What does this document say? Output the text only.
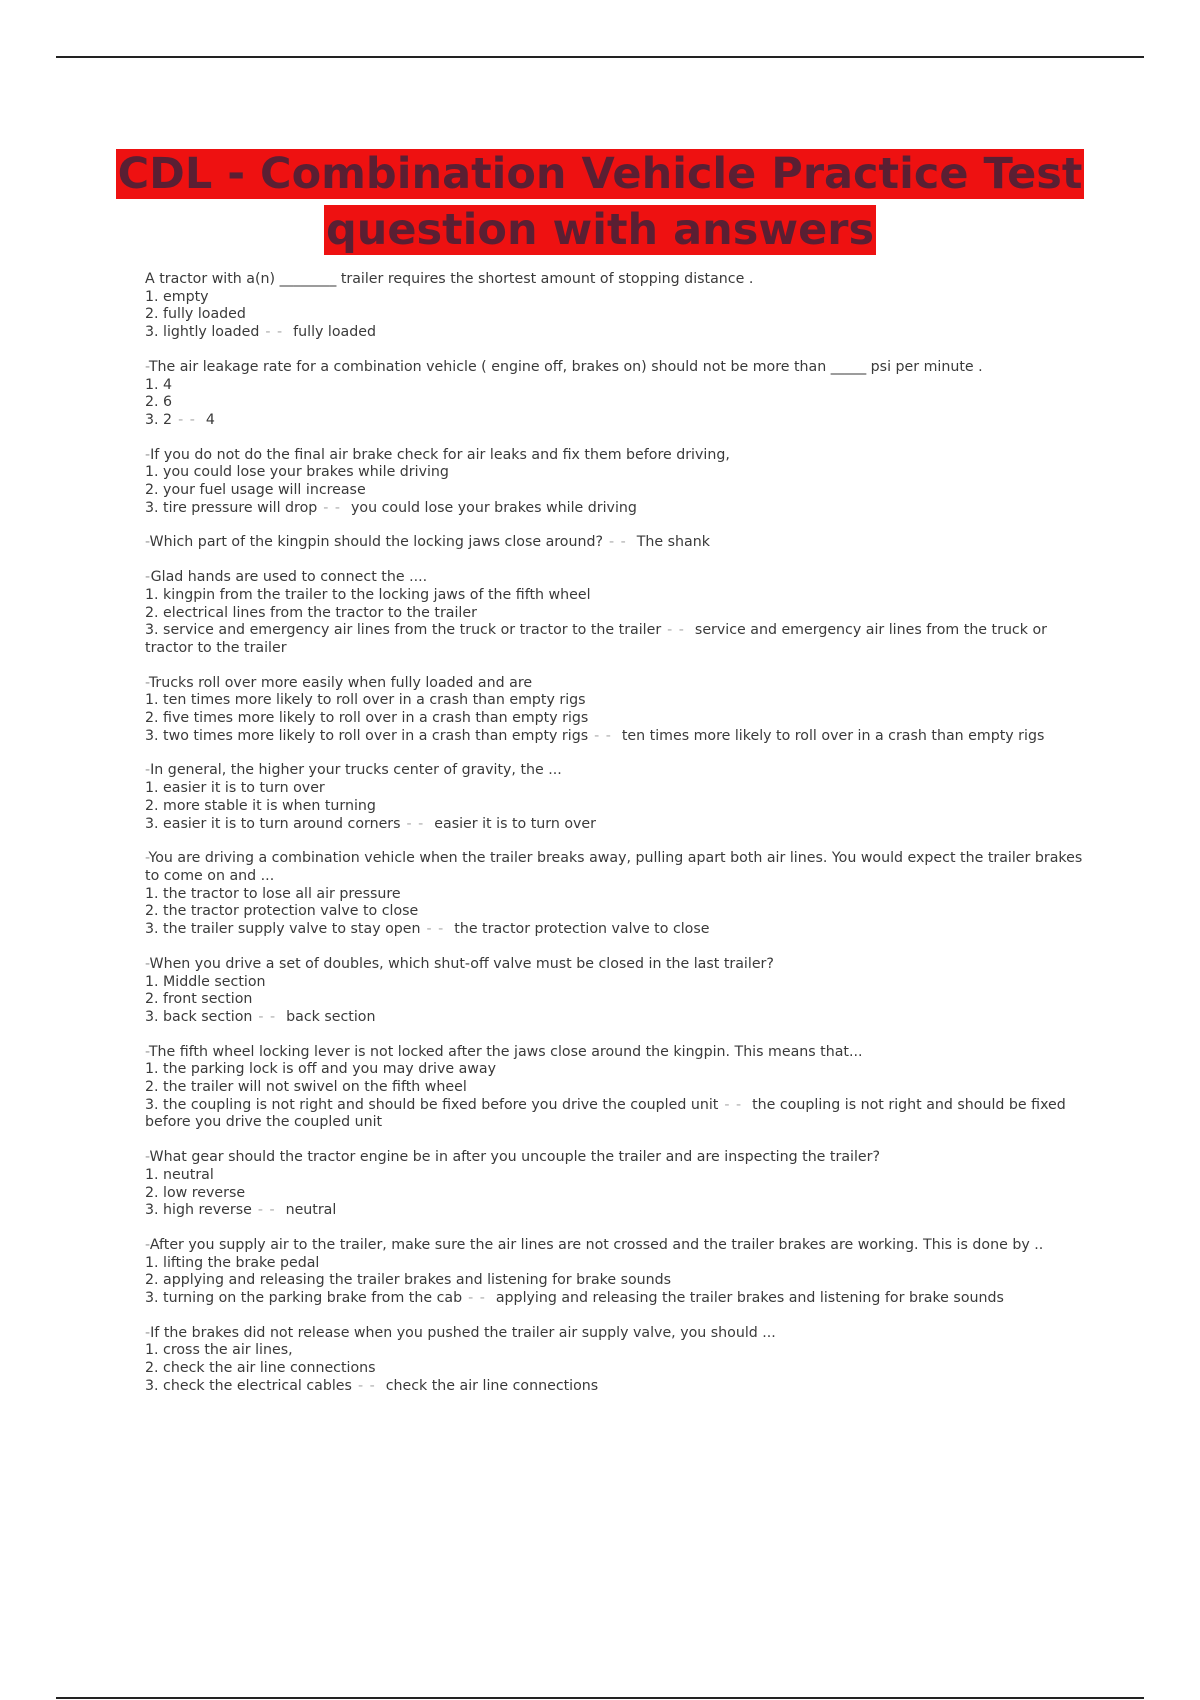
CDL - Combination Vehicle Practice Test
question with answers
A tractor with a(n) ________ trailer requires the shortest amount of stopping distance .
1. empty
2. fully loaded
3. lightly loaded - - fully loaded
-The air leakage rate for a combination vehicle ( engine off, brakes on) should not be more than _____ psi per minute .
1. 4
2. 6
3. 2 - - 4
-If you do not do the final air brake check for air leaks and fix them before driving,
1. you could lose your brakes while driving
2. your fuel usage will increase
3. tire pressure will drop - - you could lose your brakes while driving
-Which part of the kingpin should the locking jaws close around? - - The shank
-Glad hands are used to connect the ....
1. kingpin from the trailer to the locking jaws of the fifth wheel
2. electrical lines from the tractor to the trailer
3. service and emergency air lines from the truck or tractor to the trailer - - service and emergency air lines from the truck or tractor to the trailer
-Trucks roll over more easily when fully loaded and are
1. ten times more likely to roll over in a crash than empty rigs
2. five times more likely to roll over in a crash than empty rigs
3. two times more likely to roll over in a crash than empty rigs - - ten times more likely to roll over in a crash than empty rigs
-In general, the higher your trucks center of gravity, the ...
1. easier it is to turn over
2. more stable it is when turning
3. easier it is to turn around corners - - easier it is to turn over
-You are driving a combination vehicle when the trailer breaks away, pulling apart both air lines. You would expect the trailer brakes to come on and ...
1. the tractor to lose all air pressure
2. the tractor protection valve to close
3. the trailer supply valve to stay open - - the tractor protection valve to close
-When you drive a set of doubles, which shut-off valve must be closed in the last trailer?
1. Middle section
2. front section
3. back section - - back section
-The fifth wheel locking lever is not locked after the jaws close around the kingpin. This means that...
1. the parking lock is off and you may drive away
2. the trailer will not swivel on the fifth wheel
3. the coupling is not right and should be fixed before you drive the coupled unit - - the coupling is not right and should be fixed before you drive the coupled unit
-What gear should the tractor engine be in after you uncouple the trailer and are inspecting the trailer?
1. neutral
2. low reverse
3. high reverse - - neutral
-After you supply air to the trailer, make sure the air lines are not crossed and the trailer brakes are working. This is done by ..
1. lifting the brake pedal
2. applying and releasing the trailer brakes and listening for brake sounds
3. turning on the parking brake from the cab - - applying and releasing the trailer brakes and listening for brake sounds
-If the brakes did not release when you pushed the trailer air supply valve, you should ...
1. cross the air lines,
2. check the air line connections
3. check the electrical cables - - check the air line connections
